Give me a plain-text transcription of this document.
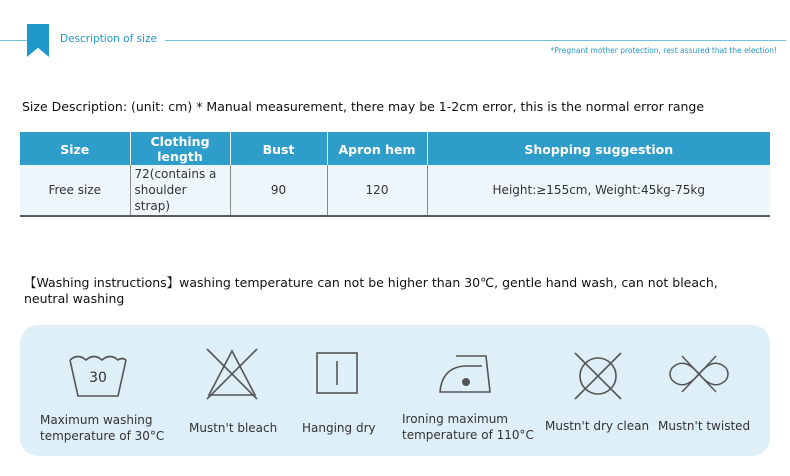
Description of size
*Pregnant mother protection, rest assured that the election!
Size Description: (unit: cm) * Manual measurement, there may be 1-2cm error, this is the normal error range
Size	Clothing length	Bust	Apron hem	Shopping suggestion
Free size	72(contains a shoulder strap)	90	120	Height:≥155cm, Weight:45kg-75kg
【Washing instructions】washing temperature can not be higher than 30℃, gentle hand wash, can not bleach, neutral washing
30
Maximum washing temperature of 30°C
Mustn't bleach Hanging dry
Ironing maximum temperature of 110°C
Mustn't dry clean Mustn't twisted
